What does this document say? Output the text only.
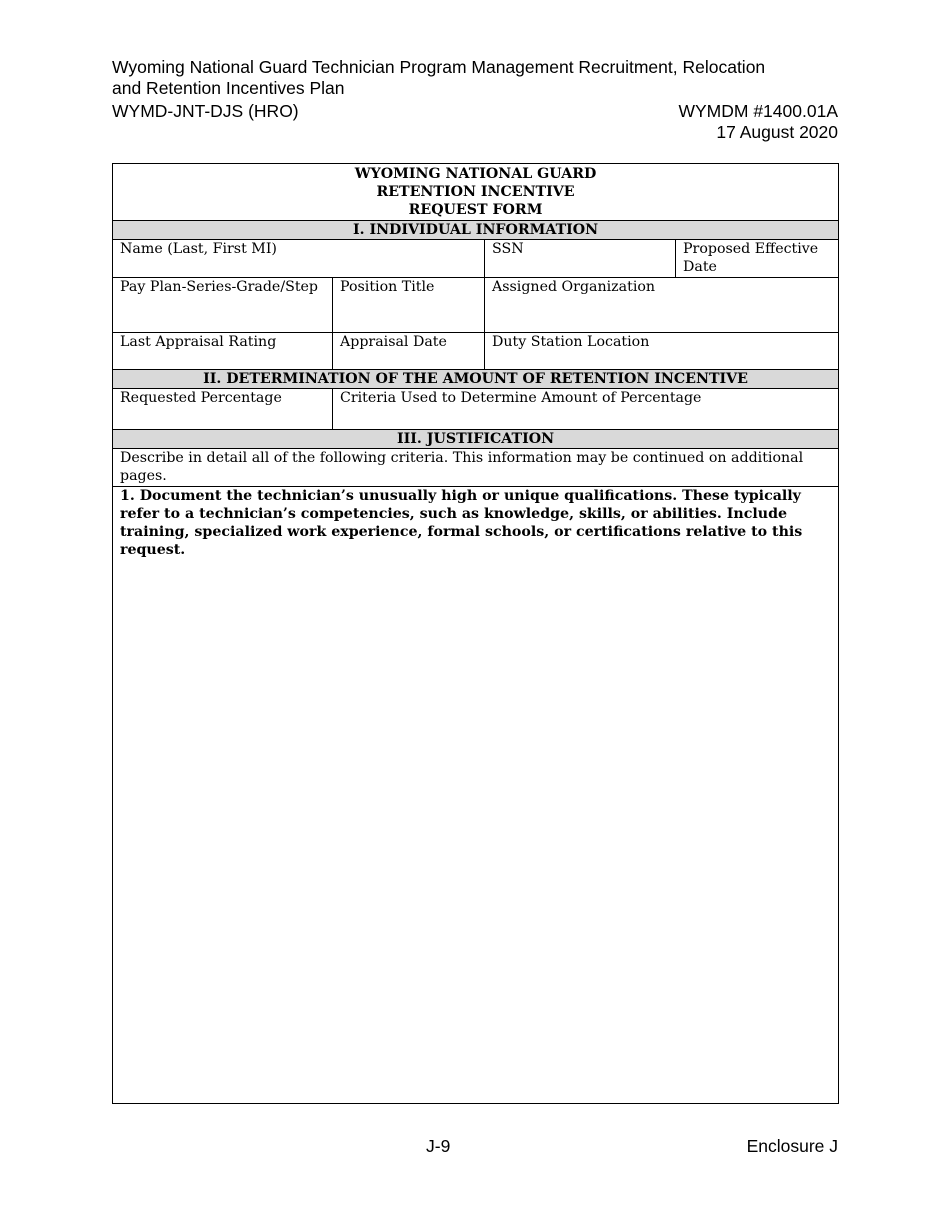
Wyoming National Guard Technician Program Management Recruitment, Relocation
and Retention Incentives Plan
WYMD-JNT-DJS (HRO)	WYMDM #1400.01A
17 August 2020
WYOMING NATIONAL GUARD
RETENTION INCENTIVE
REQUEST FORM			

I. INDIVIDUAL INFORMATION			

Name (Last, First MI)		SSN	Proposed Effective Date

Pay Plan-Series-Grade/Step	Position Title	Assigned Organization	

Last Appraisal Rating	Appraisal Date	Duty Station Location	

II. DETERMINATION OF THE AMOUNT OF RETENTION INCENTIVE			

Requested Percentage	Criteria Used to Determine Amount of Percentage		

III. JUSTIFICATION			
Describe in detail all of the following criteria. This information may be continued on additional pages.			

1. Document the technician’s unusually high or unique qualifications. These typically refer to a technician’s competencies, such as knowledge, skills, or abilities. Include training, specialized work experience, formal schools, or certifications relative to this request.			
J-9	Enclosure J
